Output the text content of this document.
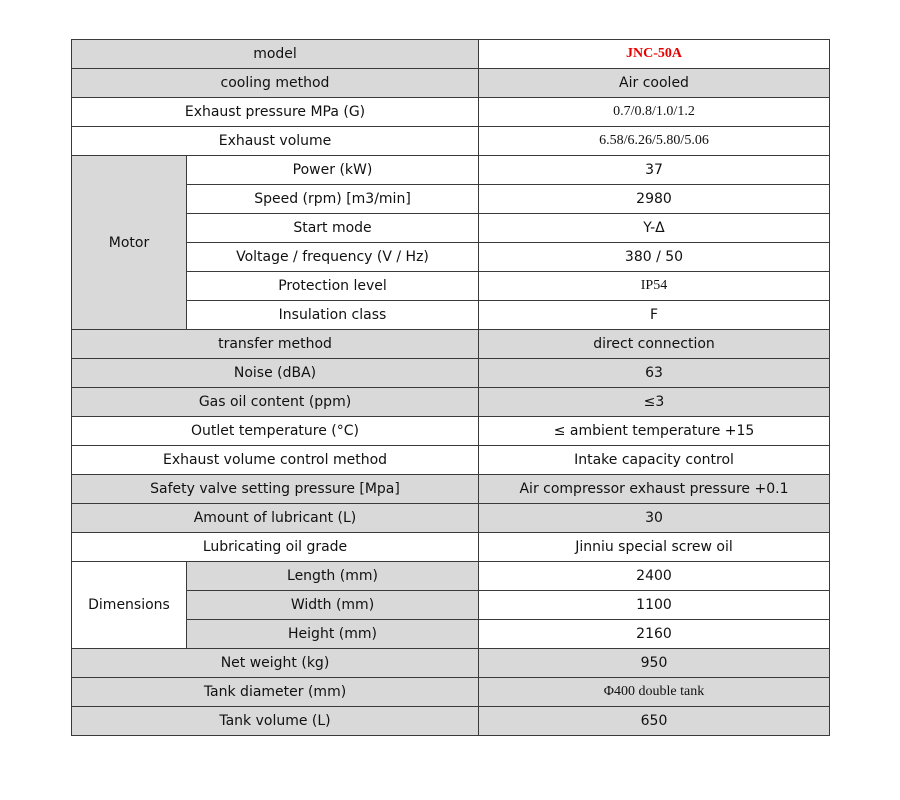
model		JNC-50A
cooling method		Air cooled
Exhaust pressure MPa (G)		0.7/0.8/1.0/1.2
Exhaust volume		6.58/6.26/5.80/5.06
Motor	Power (kW)	37
	Speed (rpm) [m3/min]	2980
	Start mode	Y-Δ
	Voltage / frequency (V / Hz)	380 / 50
	Protection level	IP54
	Insulation class	F
transfer method		direct connection
Noise (dBA)		63
Gas oil content (ppm)		≤3
Outlet temperature (°C)		≤ ambient temperature +15
Exhaust volume control method		Intake capacity control
Safety valve setting pressure [Mpa]		Air compressor exhaust pressure +0.1
Amount of lubricant (L)		30
Lubricating oil grade		Jinniu special screw oil
Dimensions	Length (mm)	2400
	Width (mm)	1100
	Height (mm)	2160
Net weight (kg)		950
Tank diameter (mm)		Φ400 double tank
Tank volume (L)		650
